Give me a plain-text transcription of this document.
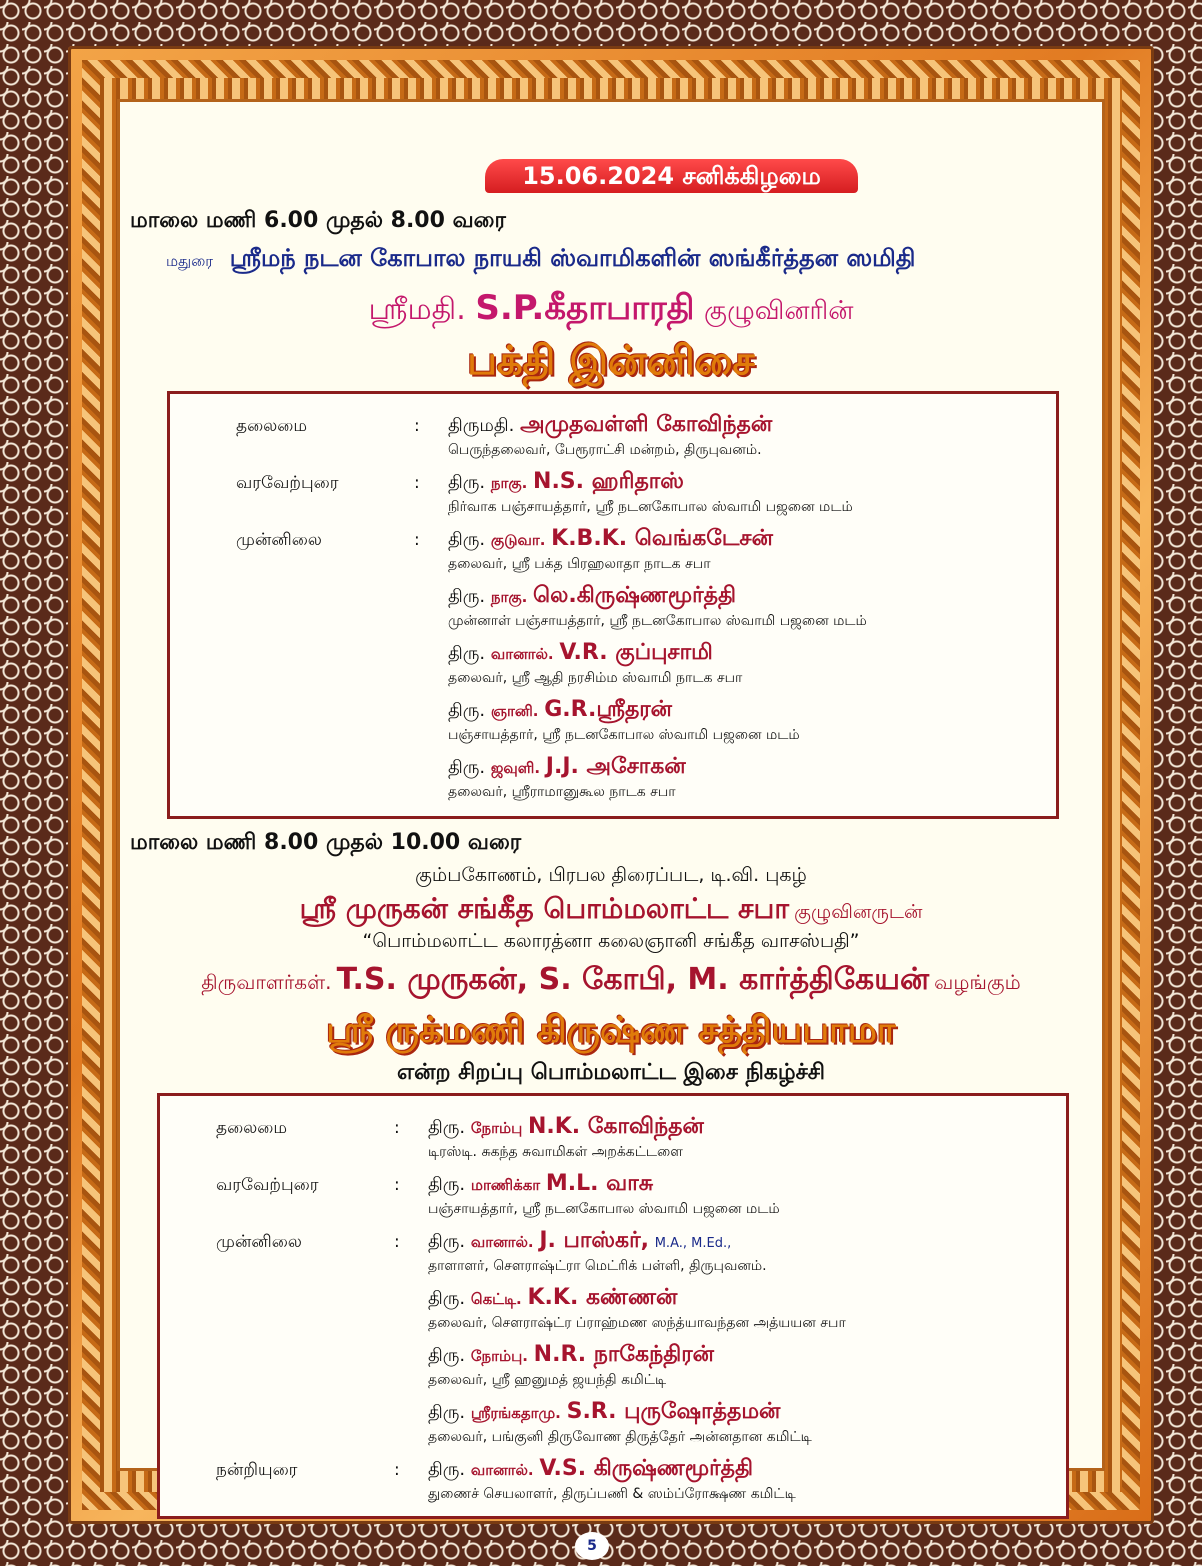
15.06.2024 சனிக்கிழமை
மாலை மணி 6.00 முதல் 8.00 வரை
மதுரை ஸ்ரீமந் நடன கோபால நாயகி ஸ்வாமிகளின் ஸங்கீர்த்தன ஸமிதி
ஸ்ரீமதி. S.P.கீதாபாரதி குழுவினரின்
பக்தி இன்னிசை
தலைமை	: திருமதி. அமுதவள்ளி கோவிந்தன்
பெருந்தலைவர், பேரூராட்சி மன்றம், திருபுவனம்.
வரவேற்புரை	: திரு. நாகு. N.S. ஹரிதாஸ்
நிர்வாக பஞ்சாயத்தார், ஸ்ரீ நடனகோபால ஸ்வாமி பஜனை மடம்
முன்னிலை	: திரு. குடுவா. K.B.K. வெங்கடேசன்
தலைவர், ஸ்ரீ பக்த பிரஹலாதா நாடக சபா
திரு. நாகு. லெ.கிருஷ்ணமூர்த்தி
முன்னாள் பஞ்சாயத்தார், ஸ்ரீ நடனகோபால ஸ்வாமி பஜனை மடம்
திரு. வானால். V.R. குப்புசாமி
தலைவர், ஸ்ரீ ஆதி நரசிம்ம ஸ்வாமி நாடக சபா
திரு. ஞானி. G.R.ஸ்ரீதரன்
பஞ்சாயத்தார், ஸ்ரீ நடனகோபால ஸ்வாமி பஜனை மடம்
திரு. ஜவுளி. J.J. அசோகன்
தலைவர், ஸ்ரீராமானுகூல நாடக சபா
மாலை மணி 8.00 முதல் 10.00 வரை
கும்பகோணம், பிரபல திரைப்பட, டி.வி. புகழ்
ஸ்ரீ முருகன் சங்கீத பொம்மலாட்ட சபா குழுவினருடன்
“பொம்மலாட்ட கலாரத்னா கலைஞானி சங்கீத வாசஸ்பதி”
திருவாளர்கள். T.S. முருகன், S. கோபி, M. கார்த்திகேயன் வழங்கும்
ஸ்ரீ ருக்மணி கிருஷ்ண சத்தியபாமா
என்ற சிறப்பு பொம்மலாட்ட இசை நிகழ்ச்சி
தலைமை	: திரு. நோம்பு N.K. கோவிந்தன்
டிரஸ்டி. சுகந்த சுவாமிகள் அறக்கட்டளை
வரவேற்புரை	: திரு. மாணிக்கா M.L. வாசு
பஞ்சாயத்தார், ஸ்ரீ நடனகோபால ஸ்வாமி பஜனை மடம்
முன்னிலை	: திரு. வானால். J. பாஸ்கர், M.A., M.Ed.,
தாளாளர், சௌராஷ்ட்ரா மெட்ரிக் பள்ளி, திருபுவனம்.
திரு. கெட்டி. K.K. கண்ணன்
தலைவர், சௌராஷ்ட்ர ப்ராஹ்மண ஸந்த்யாவந்தன அத்யயன சபா
திரு. நோம்பு. N.R. நாகேந்திரன்
தலைவர், ஸ்ரீ ஹனுமத் ஜயந்தி கமிட்டி
திரு. ஸ்ரீரங்கதாமு. S.R. புருஷோத்தமன்
தலைவர், பங்குனி திருவோண திருத்தேர் அன்னதான கமிட்டி
நன்றியுரை	: திரு. வானால். V.S. கிருஷ்ணமூர்த்தி
துணைச் செயலாளர், திருப்பணி & ஸம்ப்ரோக்ஷண கமிட்டி
5
